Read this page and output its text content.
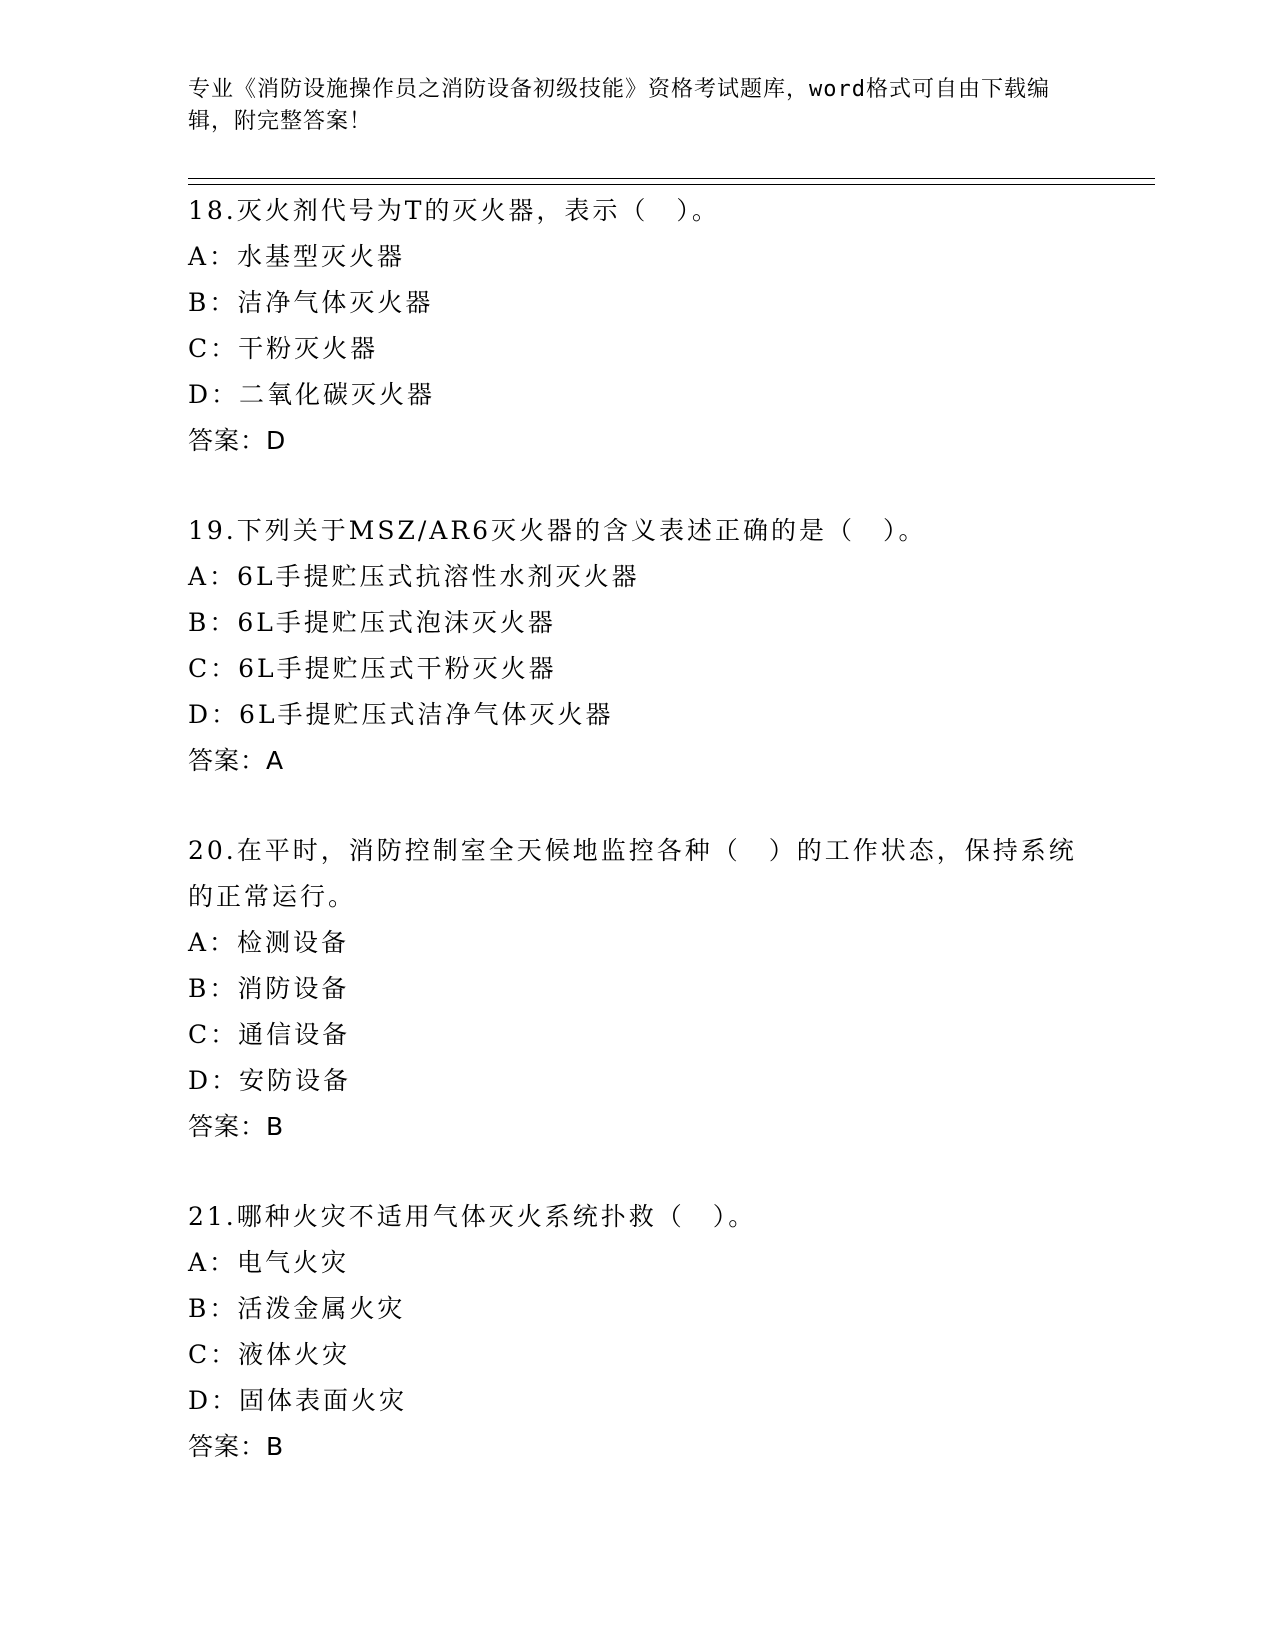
专业《消防设施操作员之消防设备初级技能》资格考试题库，word格式可自由下载编辑，附完整答案！
18.灭火剂代号为T的灭火器，表示（　）。
A：水基型灭火器
B：洁净气体灭火器
C：干粉灭火器
D：二氧化碳灭火器
答案：D
19.下列关于MSZ/AR6灭火器的含义表述正确的是（　）。
A：6L手提贮压式抗溶性水剂灭火器
B：6L手提贮压式泡沫灭火器
C：6L手提贮压式干粉灭火器
D：6L手提贮压式洁净气体灭火器
答案：A
20.在平时，消防控制室全天候地监控各种（　）的工作状态，保持系统的正常运行。
A：检测设备
B：消防设备
C：通信设备
D：安防设备
答案：B
21.哪种火灾不适用气体灭火系统扑救（　）。
A：电气火灾
B：活泼金属火灾
C：液体火灾
D：固体表面火灾
答案：B
